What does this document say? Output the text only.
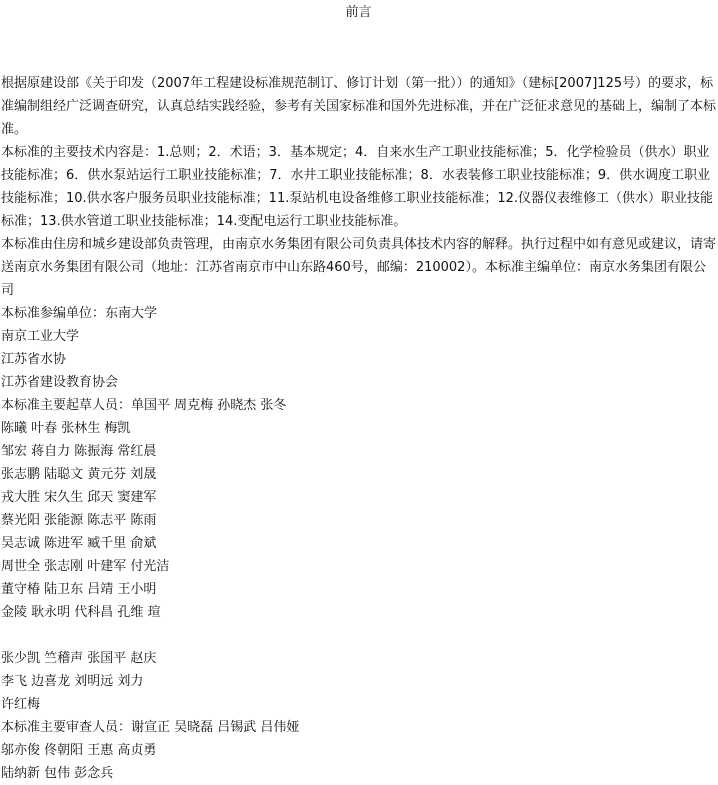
前言
根据原建设部《关于印发（2007年工程建设标准规范制订、修订计划（第一批））的通知》（建标[2007]125号）的要求，标准编制组经广泛调查研究，认真总结实践经验，参考有关国家标准和国外先进标准，并在广泛征求意见的基础上，编制了本标准。
本标准的主要技术内容是：1.总则；2．术语；3．基本规定；4．自来水生产工职业技能标准；5．化学检验员（供水）职业技能标准；6．供水泵站运行工职业技能标准；7．水井工职业技能标准；8．水表装修工职业技能标准；9．供水调度工职业技能标准；10.供水客户服务员职业技能标准；11.泵站机电设备维修工职业技能标准；12.仪器仪表维修工（供水）职业技能标准；13.供水管道工职业技能标准；14.变配电运行工职业技能标准。
本标准由住房和城乡建设部负责管理，由南京水务集团有限公司负责具体技术内容的解释。执行过程中如有意见或建议，请寄送南京水务集团有限公司（地址：江苏省南京市中山东路460号，邮编：210002）。本标准主编单位：南京水务集团有限公司
本标准参编单位：东南大学
南京工业大学
江苏省水协
江苏省建设教育协会
本标准主要起草人员：单国平 周克梅 孙晓杰 张冬
陈曦 叶春 张林生 梅凯
邹宏 蒋自力 陈振海 常红晨
张志鹏 陆聪文 黄元芬 刘晟
戎大胜 宋久生 邱天 窦建军
蔡光阳 张能源 陈志平 陈雨
吴志诚 陈进军 臧千里 俞斌
周世全 张志刚 叶建军 付光洁
董守椿 陆卫东 吕靖 王小明
金陵 耿永明 代科昌 孔维 瑄
张少凯 竺稽声 张国平 赵庆
李飞 边喜龙 刘明远 刘力
许红梅
本标准主要审查人员：谢宣正 吴晓磊 吕锡武 吕伟娅
邬亦俊 佟朝阳 王惠 高贞勇
陆纳新 包伟 彭念兵
